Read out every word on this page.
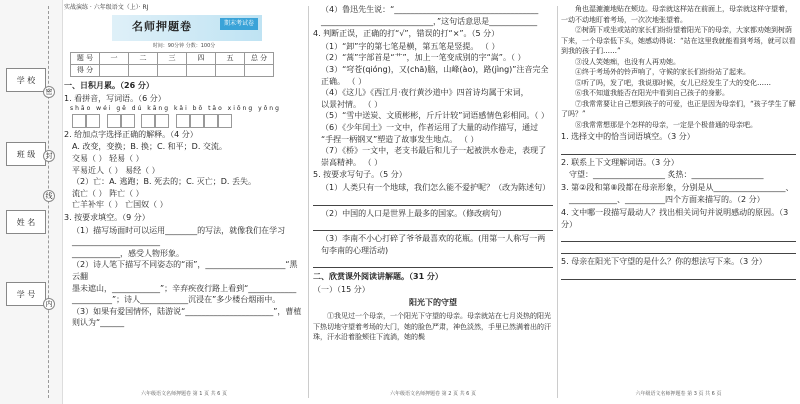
学 校
班 级
姓 名
学 号
密
封
线
内
实战演练 · 六年级语文（上）· RJ
名师押题卷	期末考试卷
时间：90分钟 分数：100分
题 号	一	二	三	四	五	总 分
得 分						
一、日积月累。（26 分）
1. 看拼音，写词语。（6 分）
shāo wéi gē dú kāng kǎi bō tāo xiōng yǒng

2. 给加点字选择正确的解释。（4 分）
A. 改变，变换；B. 换；C. 和平；D. 交流。
交易（ ） 轻易（ ）
平易近人（ ） 易经（ ）
（2）亡：A. 逃跑；B. 死去的；C. 灭亡；D. 丢失。
流亡（ ） 阵亡（ ）
亡羊补牢（ ） 亡国奴（ ）
3. 按要求填空。（9 分）
（1）描写场面时可以运用________的写法，就像我们在学习______________________
____________，感受人物形象。
（2）诗人笔下描写不同姿态的“雨”，____________________“黑云翻
墨未遮山，____________”；辛弃疾夜行路上看到“____________
__________”；诗人____________沉浸在”多少楼台烟雨中。
（3）如果有爱国情怀，陆游说“______________________”，曹植则认为“______
六年级语文名师押题卷 第 1 页 共 6 页
（4）鲁迅先生说：“____________________________________
____________________________，”这句话意思是____________
4. 判断正误，正确的打“√”，错误的打“×”。（5 分）
（1）“卸”字的第七笔是横，第五笔是竖提。 （ ）
（2）“蒿”字部首是“艹”，加上一笔变成别的字“嵩”。（ ）
（3）“穹苍(qióng)，又(chā)脑，山峰(ào)，路(jìng)”注音完全
正确。 （ ）
（4）《这儿》《西江月·夜行黄沙道中》四首诗均属于宋词，
以景衬情。 （ ）
（5）“雪中送炭、文质彬彬，斤斤计较”词语感情色彩相同。（ ）
（6）《少年闰土》一文中，作者运用了大量的动作描写，通过
“手捏一柄钢叉”塑造了故事发生地点。 （ ）
（7）《桥》一文中，老支书最后和儿子一起被洪水卷走，表现了
崇高精神。 （ ）
5. 按要求写句子。（5 分）
（1）人类只有一个地球，我们怎么能不爱护呢？（改为陈述句）
（2）中国的人口是世界上最多的国家。（修改病句）
（3）李南不小心打碎了爷爷最喜欢的花瓶。(用第一人称写一两句李南的心理活动)
二、欣赏课外阅读讲解题。（31 分）
（一）（15 分）
阳光下的守望
①我见过一个母亲，一个阳光下守望的母亲。母亲就站在七月炎热的阳光下热切地守望着考场的大门，她的脸色严肃，神色淡然，手里已然满着出的汗珠，汗水沿着脸颊往下流淌，她的鬓
六年级语文名师押题卷 第 2 页 共 6 页
角也湿漉漉地贴在颊边。母亲就这样站在前面上，母亲就这样守望着，一动不动地盯着考场，一次次地张望着。
②树荫下或坐或站的家长们纷纷望着阳光下的母亲，大家都劝她到树荫下来，一个母亲低下头，她感动得说：“站在这里我就能看到考场，就可以看到我的孩子们……”
③没人笑她痴，也没有人再劝她。
④终于考场外的铃声响了，守候的家长们纷纷站了起来。
⑤听了吗，发了吧，我说那时候，女儿已经发生了大的变化……
⑥我不知道我能否在阳光中看到自己孩子的身影。
⑦我常常要让自己想到孩子的可爱，也正是因为母亲们，“孩子学生了解了吗？”
⑧我常常想那是个怎样的母亲，一定是个极普通的母亲吧。
1. 选择文中的恰当词语填空。（3 分）
2. 联系上下文理解词语。（3 分）
守望：__________________ 炙热：__________________
3. 第②段和第⑧段都在母亲形象，分别是从__________________、
____________、__________四个方面来描写的。（2 分）
4. 文中哪一段描写最动人？找出相关词句并说明感动的原因。（3 分）
5. 母亲在阳光下守望的是什么？你的想法写下来。（3 分）
六年级语文名师押题卷 第 3 页 共 6 页
